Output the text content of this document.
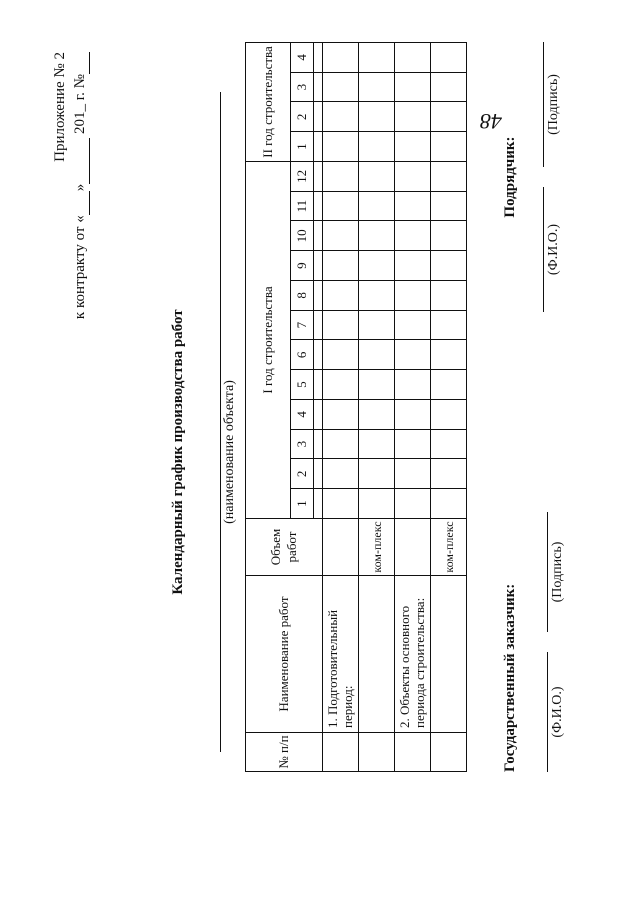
48
Приложение № 2
к контракту от «» 201_ г. №
Календарный график производства работ	(наименование объекта)
№ п/п	Наименование работ	Объем работ	I год строительства												II год строительства			
			1	2	3	4	5	6	7	8	9	10	11	12	1	2	3	4

	1. Подготовительный период:																	
		ком-плекс																
	2. Объекты основного периода строительства:																	
		ком-плекс																
Государственный заказчик: (Ф.И.О.)
(Подпись)
Подрядчик:
(Ф.И.О.)
(Подпись)
